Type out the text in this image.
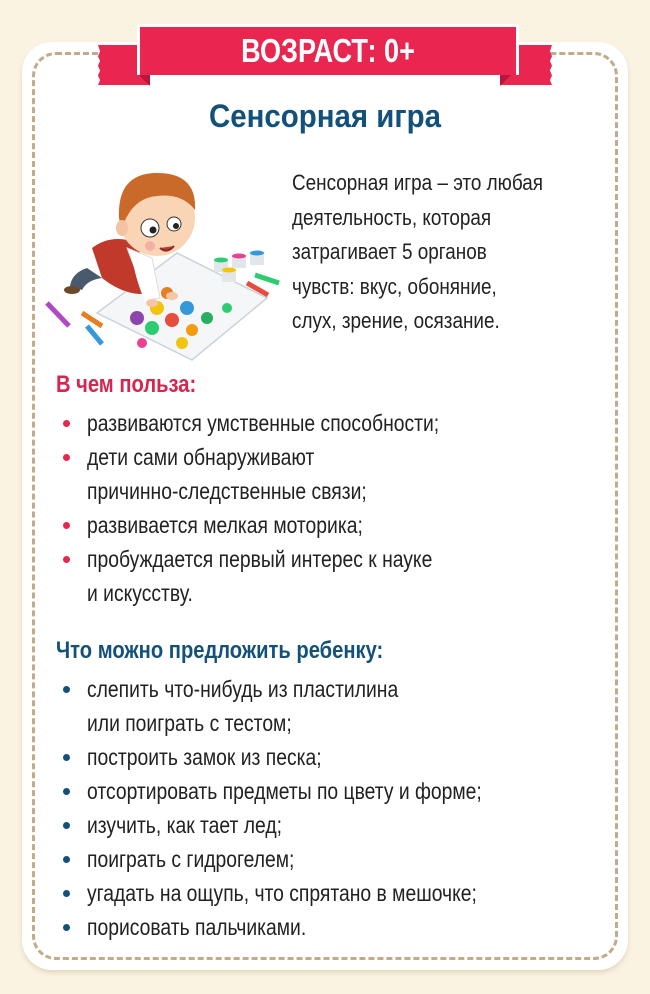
ВОЗРАСТ: 0+
Сенсорная игра
Сенсорная игра – это любая
деятельность, которая
затрагивает 5 органов
чувств: вкус, обоняние,
слух, зрение, осязание.
В чем польза:
развиваются умственные способности;
дети сами обнаруживают
причинно-следственные связи;
развивается мелкая моторика;
пробуждается первый интерес к науке
и искусству.
Что можно предложить ребенку:
слепить что-нибудь из пластилина
или поиграть с тестом;
построить замок из песка;
отсортировать предметы по цвету и форме;
изучить, как тает лед;
поиграть с гидрогелем;
угадать на ощупь, что спрятано в мешочке;
порисовать пальчиками.
